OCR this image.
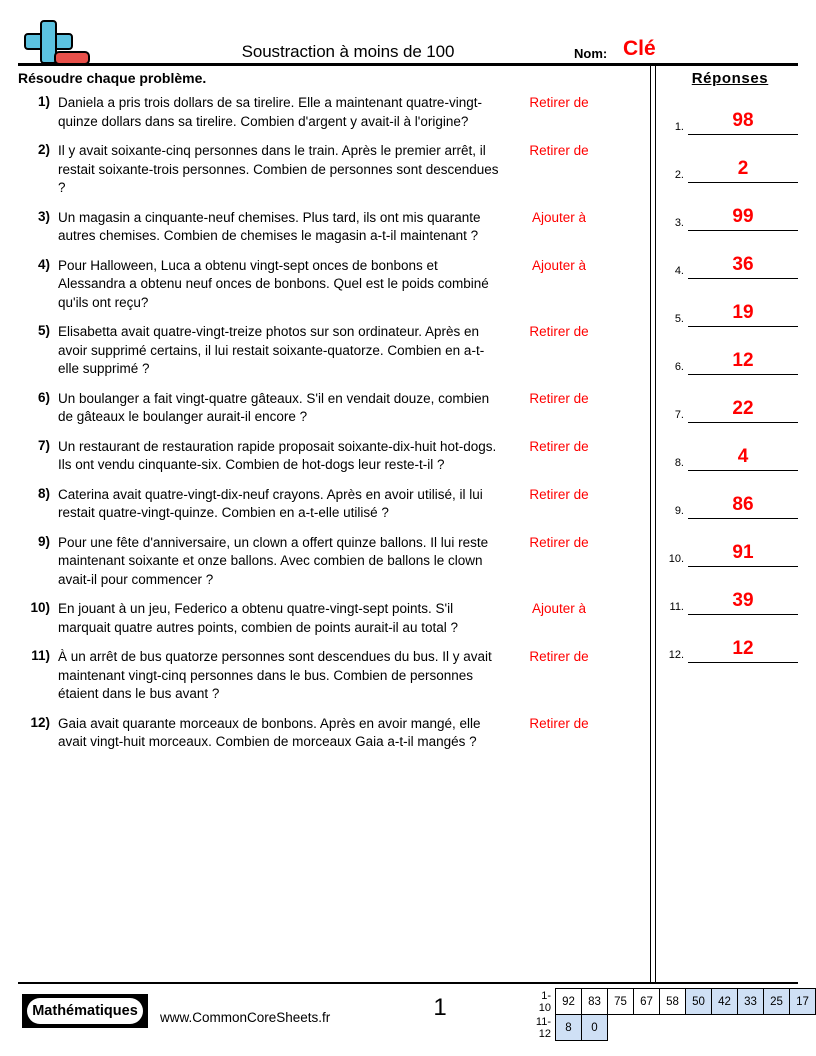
Soustraction à moins de 100	Nom: Clé
Résoudre chaque problème.
1) Daniela a pris trois dollars de sa tirelire. Elle a maintenant quatre-vingt-quinze dollars dans sa tirelire. Combien d'argent y avait-il à l'origine?
Retirer de
2) Il y avait soixante-cinq personnes dans le train. Après le premier arrêt, il restait soixante-trois personnes. Combien de personnes sont descendues ?
Retirer de
3) Un magasin a cinquante-neuf chemises. Plus tard, ils ont mis quarante autres chemises. Combien de chemises le magasin a-t-il maintenant ?
Ajouter à
4) Pour Halloween, Luca a obtenu vingt-sept onces de bonbons et Alessandra a obtenu neuf onces de bonbons. Quel est le poids combiné qu'ils ont reçu?
Ajouter à
5) Elisabetta avait quatre-vingt-treize photos sur son ordinateur. Après en avoir supprimé certains, il lui restait soixante-quatorze. Combien en a-t-elle supprimé ?
Retirer de
6) Un boulanger a fait vingt-quatre gâteaux. S'il en vendait douze, combien de gâteaux le boulanger aurait-il encore ?
Retirer de
7) Un restaurant de restauration rapide proposait soixante-dix-huit hot-dogs. Ils ont vendu cinquante-six. Combien de hot-dogs leur reste-t-il ?
Retirer de
8) Caterina avait quatre-vingt-dix-neuf crayons. Après en avoir utilisé, il lui restait quatre-vingt-quinze. Combien en a-t-elle utilisé ?
Retirer de
9) Pour une fête d'anniversaire, un clown a offert quinze ballons. Il lui reste maintenant soixante et onze ballons. Avec combien de ballons le clown avait-il pour commencer ?
Retirer de
10) En jouant à un jeu, Federico a obtenu quatre-vingt-sept points. S'il marquait quatre autres points, combien de points aurait-il au total ?
Ajouter à
11) À un arrêt de bus quatorze personnes sont descendues du bus. Il y avait maintenant vingt-cinq personnes dans le bus. Combien de personnes étaient dans le bus avant ?
Retirer de
12) Gaia avait quarante morceaux de bonbons. Après en avoir mangé, elle avait vingt-huit morceaux. Combien de morceaux Gaia a-t-il mangés ?
Retirer de
Réponses
1.	98
2.	2
3.	99
4.	36
5.	19
6.	12
7.	22
8.	4
9.	86
10.	91
11.	39
12.	12
Mathématiques	www.CommonCoreSheets.fr	1	1-10	92	83	75	67	58	50	42	33	25	17
11-12	8	0								
